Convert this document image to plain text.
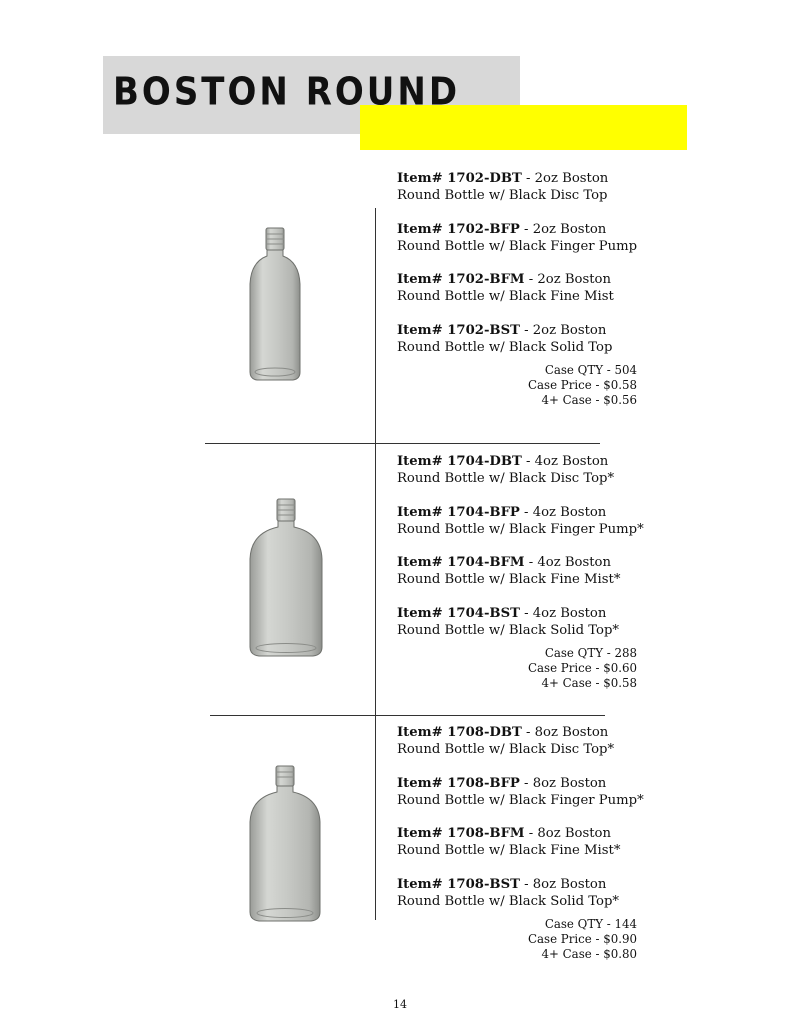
BOSTON ROUND

Item# 1702-DBT - 2oz Boston Round Bottle w/ Black Disc Top

Item# 1702-BFP - 2oz Boston Round Bottle w/ Black Finger Pump

Item# 1702-BFM - 2oz Boston Round Bottle w/ Black Fine Mist

Item# 1702-BST - 2oz Boston Round Bottle w/ Black Solid Top

Case QTY - 504
Case Price - $0.58
4+ Case - $0.56

Item# 1704-DBT - 4oz Boston Round Bottle w/ Black Disc Top*

Item# 1704-BFP - 4oz Boston Round Bottle w/ Black Finger Pump*

Item# 1704-BFM - 4oz Boston Round Bottle w/ Black Fine Mist*

Item# 1704-BST - 4oz Boston Round Bottle w/ Black Solid Top*

Case QTY - 288
Case Price - $0.60
4+ Case - $0.58

Item# 1708-DBT - 8oz Boston Round Bottle w/ Black Disc Top*

Item# 1708-BFP - 8oz Boston Round Bottle w/ Black Finger Pump*

Item# 1708-BFM - 8oz Boston Round Bottle w/ Black Fine Mist*

Item# 1708-BST - 8oz Boston Round Bottle w/ Black Solid Top*

Case QTY - 144
Case Price - $0.90
4+ Case - $0.80
14
